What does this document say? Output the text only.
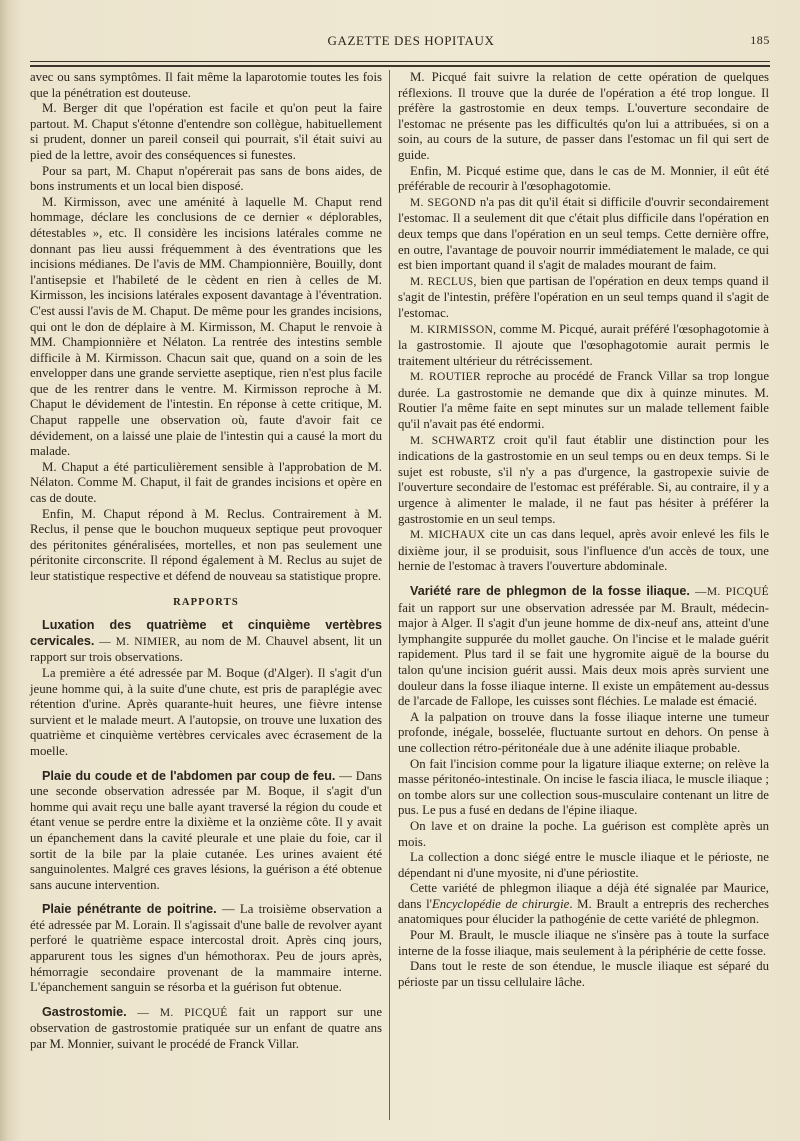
GAZETTE DES HOPITAUX	185

avec ou sans symptômes. Il fait même la laparotomie toutes les fois que la pénétration est douteuse.

M. Berger dit que l'opération est facile et qu'on peut la faire partout. M. Chaput s'étonne d'entendre son collègue, habituellement si prudent, donner un pareil conseil qui pourrait, s'il était suivi au pied de la lettre, avoir des conséquences si funestes.

Pour sa part, M. Chaput n'opérerait pas sans de bons aides, de bons instruments et un local bien disposé.

M. Kirmisson, avec une aménité à laquelle M. Chaput rend hommage, déclare les conclusions de ce dernier « déplorables, détestables », etc. Il considère les incisions latérales comme ne donnant pas lieu aussi fréquemment à des éventrations que les incisions médianes. De l'avis de MM. Championnière, Bouilly, dont l'antisepsie et l'habileté de le cèdent en rien à celles de M. Kirmisson, les incisions latérales exposent davantage à l'éventration. C'est aussi l'avis de M. Chaput. De même pour les grandes incisions, qui ont le don de déplaire à M. Kirmisson, M. Chaput le renvoie à MM. Championnière et Nélaton. La rentrée des intestins semble difficile à M. Kirmisson. Chacun sait que, quand on a soin de les envelopper dans une grande serviette aseptique, rien n'est plus facile que de les rentrer dans le ventre. M. Kirmisson reproche à M. Chaput le dévidement de l'intestin. En réponse à cette critique, M. Chaput rappelle une observation où, faute d'avoir fait ce dévidement, on a laissé une plaie de l'intestin qui a causé la mort du malade.

M. Chaput a été particulièrement sensible à l'approbation de M. Nélaton. Comme M. Chaput, il fait de grandes incisions et opère en cas de doute.

Enfin, M. Chaput répond à M. Reclus. Contrairement à M. Reclus, il pense que le bouchon muqueux septique peut provoquer des péritonites généralisées, mortelles, et non pas seulement une péritonite circonscrite. Il répond également à M. Reclus au sujet de leur statistique respective et défend de nouveau sa statistique propre.

RAPPORTS

Luxation des quatrième et cinquième vertèbres cervicales. — M. NIMIER, au nom de M. Chauvel absent, lit un rapport sur trois observations.

La première a été adressée par M. Boque (d'Alger). Il s'agit d'un jeune homme qui, à la suite d'une chute, est pris de paraplégie avec rétention d'urine. Après quarante-huit heures, une fièvre intense survient et le malade meurt. A l'autopsie, on trouve une luxation des quatrième et cinquième vertèbres cervicales avec écrasement de la moelle.

Plaie du coude et de l'abdomen par coup de feu. — Dans une seconde observation adressée par M. Boque, il s'agit d'un homme qui avait reçu une balle ayant traversé la région du coude et étant venue se perdre entre la dixième et la onzième côte. Il y avait un épanchement dans la cavité pleurale et une plaie du foie, car il sortit de la bile par la plaie cutanée. Les urines avaient été sanguinolentes. Malgré ces graves lésions, la guérison a été obtenue sans aucune intervention.

Plaie pénétrante de poitrine. — La troisième observation a été adressée par M. Lorain. Il s'agissait d'une balle de revolver ayant perforé le quatrième espace intercostal droit. Après cinq jours, apparurent tous les signes d'un hémothorax. Peu de jours après, hémorragie secondaire provenant de la mammaire interne. L'épanchement sanguin se résorba et la guérison fut obtenue.

Gastrostomie. — M. PICQUÉ fait un rapport sur une observation de gastrostomie pratiquée sur un enfant de quatre ans par M. Monnier, suivant le procédé de Franck Villar.

M. Picqué fait suivre la relation de cette opération de quelques réflexions. Il trouve que la durée de l'opération a été trop longue. Il préfère la gastrostomie en deux temps. L'ouverture secondaire de l'estomac ne présente pas les difficultés qu'on lui a attribuées, si on a soin, au cours de la suture, de passer dans l'estomac un fil qui sert de guide.

Enfin, M. Picqué estime que, dans le cas de M. Monnier, il eût été préférable de recourir à l'œsophagotomie.

M. SEGOND n'a pas dit qu'il était si difficile d'ouvrir secondairement l'estomac. Il a seulement dit que c'était plus difficile dans l'opération en deux temps que dans l'opération en un seul temps. Cette dernière offre, en outre, l'avantage de pouvoir nourrir immédiatement le malade, ce qui est bien important quand il s'agit de malades mourant de faim.

M. RECLUS, bien que partisan de l'opération en deux temps quand il s'agit de l'intestin, préfère l'opération en un seul temps quand il s'agit de l'estomac.

M. KIRMISSON, comme M. Picqué, aurait préféré l'œsophagotomie à la gastrostomie. Il ajoute que l'œsophagotomie aurait permis le traitement ultérieur du rétrécissement.

M. ROUTIER reproche au procédé de Franck Villar sa trop longue durée. La gastrostomie ne demande que dix à quinze minutes. M. Routier l'a même faite en sept minutes sur un malade tellement faible qu'il n'avait pas été endormi.

M. SCHWARTZ croit qu'il faut établir une distinction pour les indications de la gastrostomie en un seul temps ou en deux temps. Si le sujet est robuste, s'il n'y a pas d'urgence, la gastropexie suivie de l'ouverture secondaire de l'estomac est préférable. Si, au contraire, il y a urgence à alimenter le malade, il ne faut pas hésiter à préférer la gastrostomie en un seul temps.

M. MICHAUX cite un cas dans lequel, après avoir enlevé les fils le dixième jour, il se produisit, sous l'influence d'un accès de toux, une hernie de l'estomac à travers l'ouverture abdominale.

Variété rare de phlegmon de la fosse iliaque. —M. PICQUÉ fait un rapport sur une observation adressée par M. Brault, médecin-major à Alger. Il s'agit d'un jeune homme de dix-neuf ans, atteint d'une lymphangite suppurée du mollet gauche. On l'incise et le malade guérit rapidement. Plus tard il se fait une hygromite aiguë de la bourse du talon qu'une incision guérit aussi. Mais deux mois après survient une douleur dans la fosse iliaque interne. Il existe un empâtement au-dessus de l'arcade de Fallope, les cuisses sont fléchies. Le malade est émacié.

A la palpation on trouve dans la fosse iliaque interne une tumeur profonde, inégale, bosselée, fluctuante surtout en dehors. On pense à une collection rétro-péritonéale due à une adénite iliaque probable.

On fait l'incision comme pour la ligature iliaque externe; on relève la masse péritonéo-intestinale. On incise le fascia iliaca, le muscle iliaque ; on tombe alors sur une collection sous-musculaire contenant un litre de pus. Le pus a fusé en dedans de l'épine iliaque.

On lave et on draine la poche. La guérison est complète après un mois.

La collection a donc siégé entre le muscle iliaque et le périoste, ne dépendant ni d'une myosite, ni d'une périostite.

Cette variété de phlegmon iliaque a déjà été signalée par Maurice, dans l'Encyclopédie de chirurgie. M. Brault a entrepris des recherches anatomiques pour élucider la pathogénie de cette variété de phlegmon.

Pour M. Brault, le muscle iliaque ne s'insère pas à toute la surface interne de la fosse iliaque, mais seulement à la périphérie de cette fosse.

Dans tout le reste de son étendue, le muscle iliaque est séparé du périoste par un tissu cellulaire lâche.
